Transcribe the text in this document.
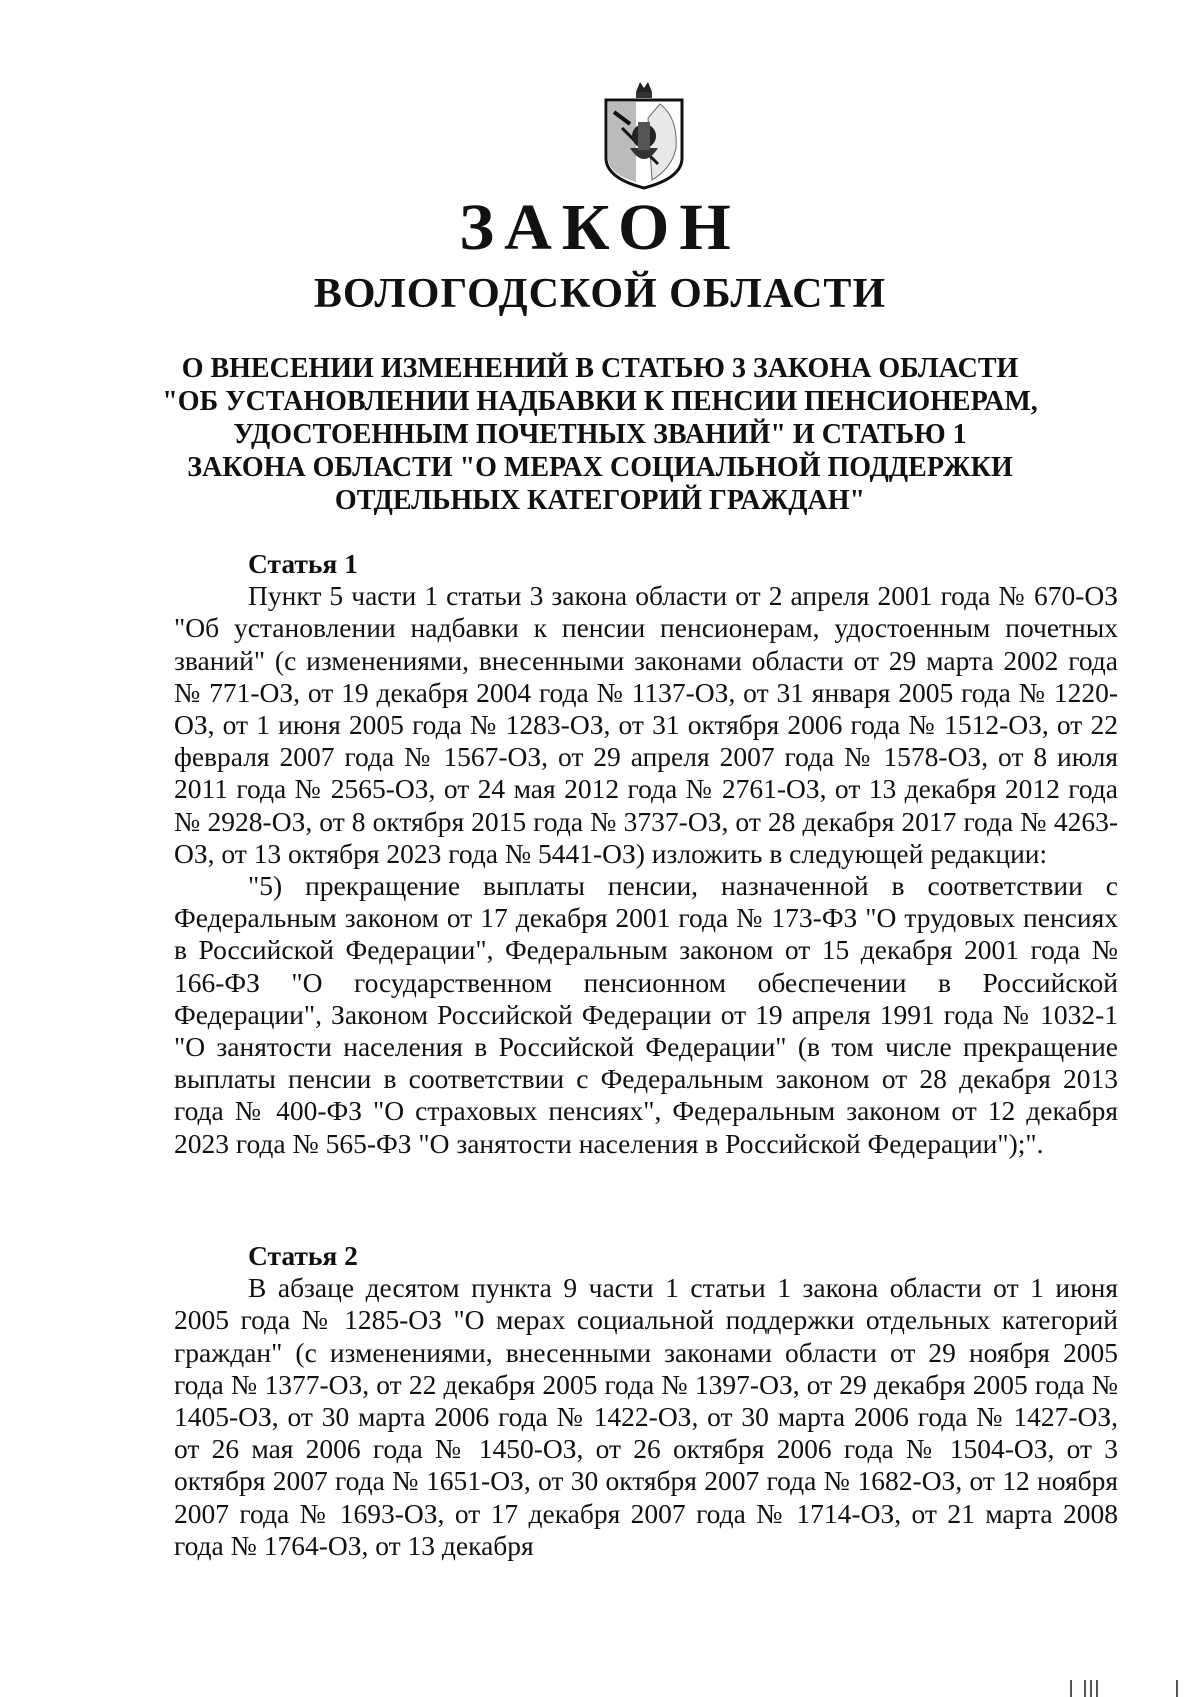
ЗАКОН
ВОЛОГОДСКОЙ ОБЛАСТИ
О ВНЕСЕНИИ ИЗМЕНЕНИЙ В СТАТЬЮ 3 ЗАКОНА ОБЛАСТИ
"ОБ УСТАНОВЛЕНИИ НАДБАВКИ К ПЕНСИИ ПЕНСИОНЕРАМ,
УДОСТОЕННЫМ ПОЧЕТНЫХ ЗВАНИЙ" И СТАТЬЮ 1
ЗАКОНА ОБЛАСТИ "О МЕРАХ СОЦИАЛЬНОЙ ПОДДЕРЖКИ
ОТДЕЛЬНЫХ КАТЕГОРИЙ ГРАЖДАН"

Статья 1

Пункт 5 части 1 статьи 3 закона области от 2 апреля 2001 года № 670-ОЗ "Об установлении надбавки к пенсии пенсионерам, удостоенным почетных званий" (с изменениями, внесенными законами области от 29 марта 2002 года № 771-ОЗ, от 19 декабря 2004 года № 1137-ОЗ, от 31 января 2005 года № 1220-ОЗ, от 1 июня 2005 года № 1283-ОЗ, от 31 октября 2006 года № 1512-ОЗ, от 22 февраля 2007 года № 1567-ОЗ, от 29 апреля 2007 года № 1578-ОЗ, от 8 июля 2011 года № 2565-ОЗ, от 24 мая 2012 года № 2761-ОЗ, от 13 декабря 2012 года № 2928-ОЗ, от 8 октября 2015 года № 3737-ОЗ, от 28 декабря 2017 года № 4263-ОЗ, от 13 октября 2023 года № 5441-ОЗ) изложить в следующей редакции:

"5) прекращение выплаты пенсии, назначенной в соответствии с Федеральным законом от 17 декабря 2001 года № 173-ФЗ "О трудовых пенсиях в Российской Федерации", Федеральным законом от 15 декабря 2001 года № 166-ФЗ "О государственном пенсионном обеспечении в Российской Федерации", Законом Российской Федерации от 19 апреля 1991 года № 1032-1 "О занятости населения в Российской Федерации" (в том числе прекращение выплаты пенсии в соответствии с Федеральным законом от 28 декабря 2013 года № 400-ФЗ "О страховых пенсиях", Федеральным законом от 12 декабря 2023 года № 565-ФЗ "О занятости населения в Российской Федерации");".

Статья 2

В абзаце десятом пункта 9 части 1 статьи 1 закона области от 1 июня 2005 года № 1285-ОЗ "О мерах социальной поддержки отдельных категорий граждан" (с изменениями, внесенными законами области от 29 ноября 2005 года № 1377-ОЗ, от 22 декабря 2005 года № 1397-ОЗ, от 29 декабря 2005 года № 1405-ОЗ, от 30 марта 2006 года № 1422-ОЗ, от 30 марта 2006 года № 1427-ОЗ, от 26 мая 2006 года № 1450-ОЗ, от 26 октября 2006 года № 1504-ОЗ, от 3 октября 2007 года № 1651-ОЗ, от 30 октября 2007 года № 1682-ОЗ, от 12 ноября 2007 года № 1693-ОЗ, от 17 декабря 2007 года № 1714-ОЗ, от 21 марта 2008 года № 1764-ОЗ, от 13 декабря
